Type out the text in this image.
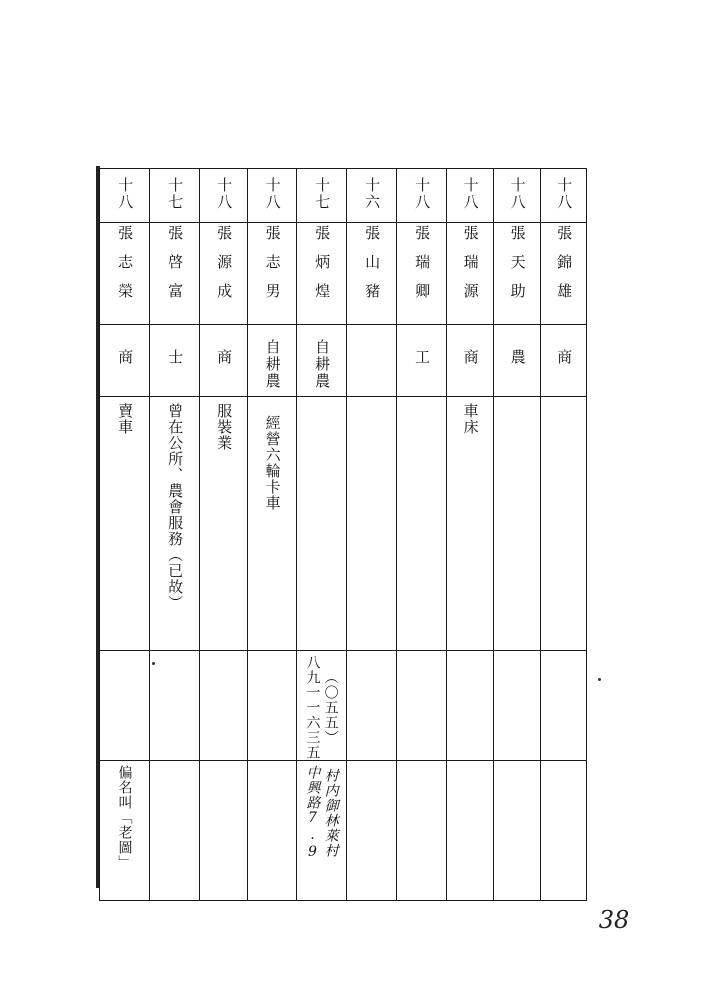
十八	十七	十八	十八	十七	十六	十八	十八	十八	十八
張志榮	張啓富	張源成	張志男	張炳煌	張山豬	張瑞卿	張瑞源	張天助	張錦雄
商	士	商	自耕農	自耕農		工	商	農	商
賣車	曾在公所、農會服務（已故）	服裝業	經營六輪卡車				車床		

				（〇五五）
八九一一六三五					

偏名叫「老圖」				村内御林萊村
中興路7.9					

38
